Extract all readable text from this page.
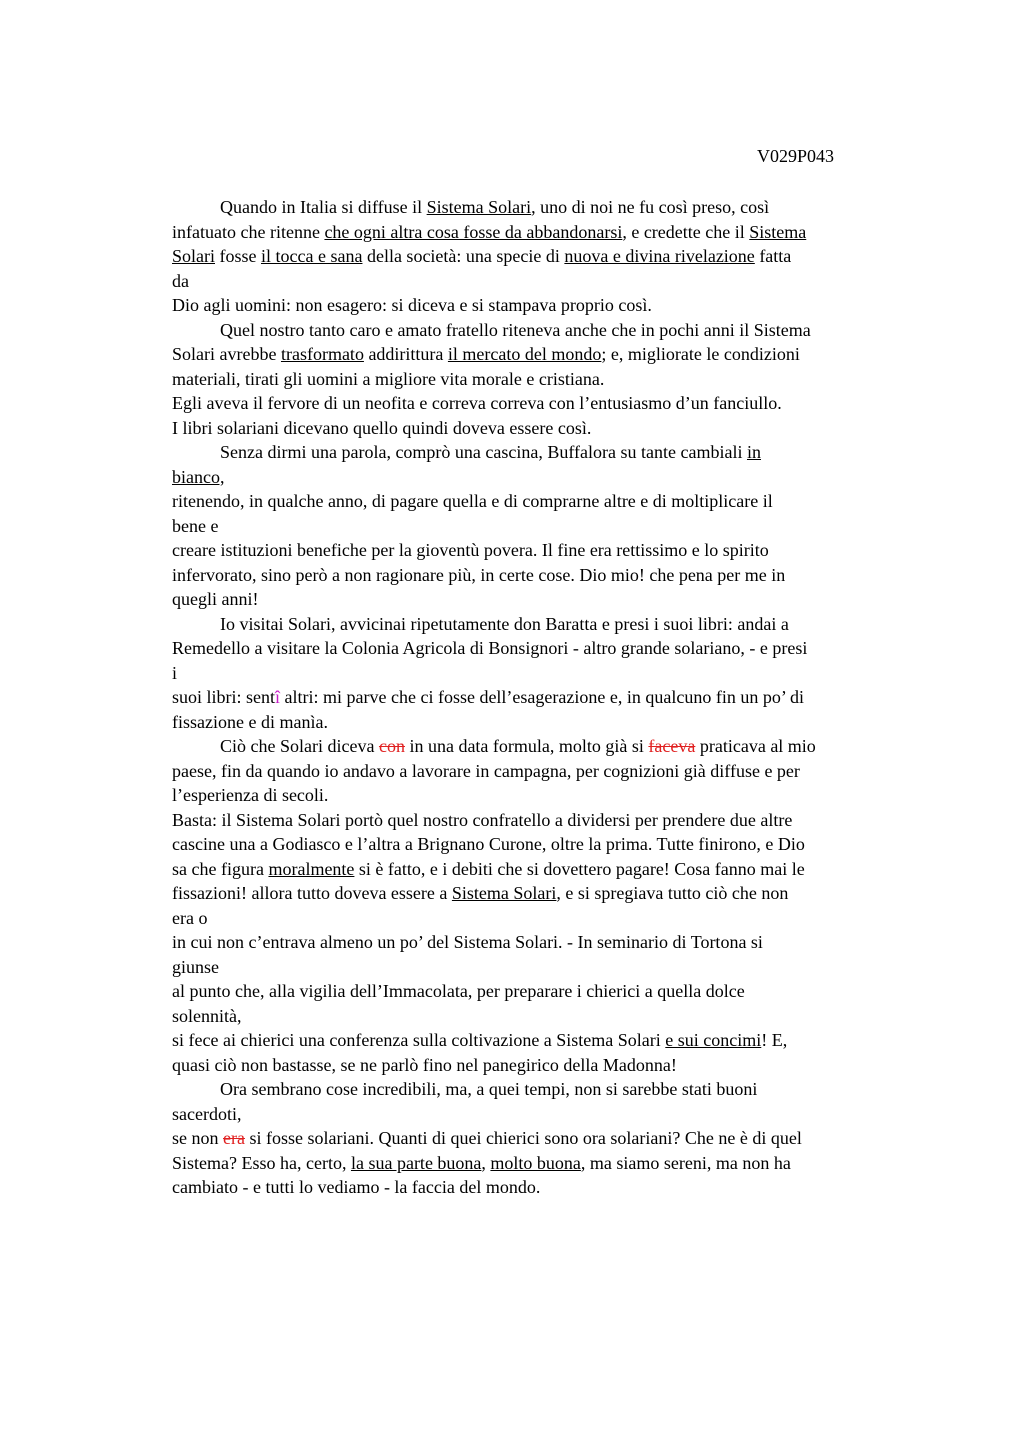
V029P043
Quando in Italia si diffuse il Sistema Solari, uno di noi ne fu così preso, così
infatuato che ritenne che ogni altra cosa fosse da abbandonarsi, e credette che il Sistema
Solari fosse il tocca e sana della società: una specie di nuova e divina rivelazione fatta
da
Dio agli uomini: non esagero: si diceva e si stampava proprio così.
Quel nostro tanto caro e amato fratello riteneva anche che in pochi anni il Sistema
Solari avrebbe trasformato addirittura il mercato del mondo; e, migliorate le condizioni
materiali, tirati gli uomini a migliore vita morale e cristiana.
Egli aveva il fervore di un neofita e correva correva con l’entusiasmo d’un fanciullo.
I libri solariani dicevano quello quindi doveva essere così.
Senza dirmi una parola, comprò una cascina, Buffalora su tante cambiali in
bianco,
ritenendo, in qualche anno, di pagare quella e di comprarne altre e di moltiplicare il
bene e
creare istituzioni benefiche per la gioventù povera. Il fine era rettissimo e lo spirito
infervorato, sino però a non ragionare più, in certe cose. Dio mio! che pena per me in
quegli anni!
Io visitai Solari, avvicinai ripetutamente don Baratta e presi i suoi libri: andai a
Remedello a visitare la Colonia Agricola di Bonsignori - altro grande solariano, - e presi
i
suoi libri: sentî altri: mi parve che ci fosse dell’esagerazione e, in qualcuno fin un po’ di
fissazione e di manìa.
Ciò che Solari diceva con in una data formula, molto già si faceva praticava al mio
paese, fin da quando io andavo a lavorare in campagna, per cognizioni già diffuse e per
l’esperienza di secoli.
Basta: il Sistema Solari portò quel nostro confratello a dividersi per prendere due altre
cascine una a Godiasco e l’altra a Brignano Curone, oltre la prima. Tutte finirono, e Dio
sa che figura moralmente si è fatto, e i debiti che si dovettero pagare! Cosa fanno mai le
fissazioni! allora tutto doveva essere a Sistema Solari, e si spregiava tutto ciò che non
era o
in cui non c’entrava almeno un po’ del Sistema Solari. - In seminario di Tortona si
giunse
al punto che, alla vigilia dell’Immacolata, per preparare i chierici a quella dolce
solennità,
si fece ai chierici una conferenza sulla coltivazione a Sistema Solari e sui concimi! E,
quasi ciò non bastasse, se ne parlò fino nel panegirico della Madonna!
Ora sembrano cose incredibili, ma, a quei tempi, non si sarebbe stati buoni
sacerdoti,
se non era si fosse solariani. Quanti di quei chierici sono ora solariani? Che ne è di quel
Sistema? Esso ha, certo, la sua parte buona, molto buona, ma siamo sereni, ma non ha
cambiato - e tutti lo vediamo - la faccia del mondo.
